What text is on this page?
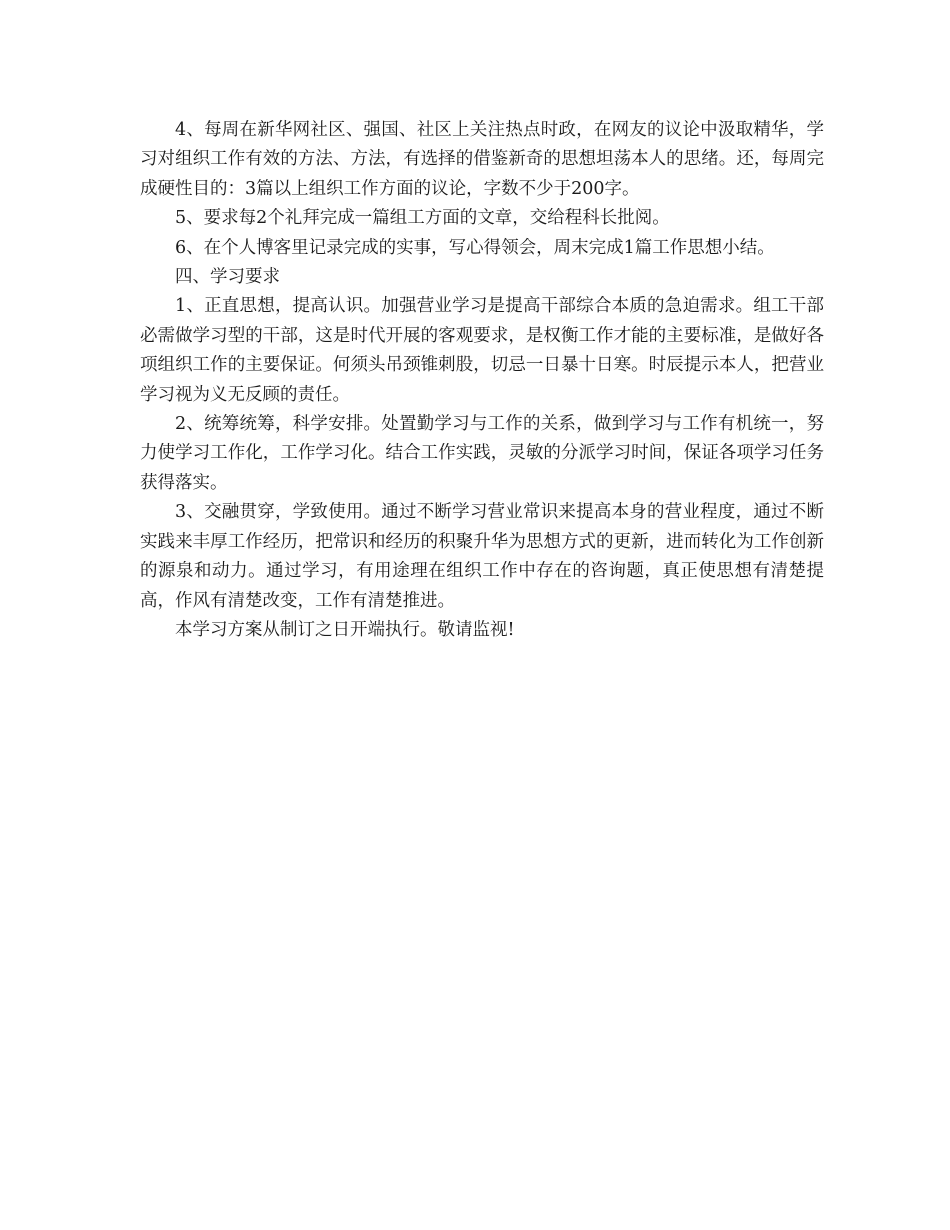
4、每周在新华网社区、强国、社区上关注热点时政，在网友的议论中汲取精华，学习对组织工作有效的方法、方法，有选择的借鉴新奇的思想坦荡本人的思绪。还，每周完成硬性目的：3篇以上组织工作方面的议论，字数不少于200字。

5、要求每2个礼拜完成一篇组工方面的文章，交给程科长批阅。

6、在个人博客里记录完成的实事，写心得领会，周末完成1篇工作思想小结。

四、学习要求

1、正直思想，提高认识。加强营业学习是提高干部综合本质的急迫需求。组工干部必需做学习型的干部，这是时代开展的客观要求，是权衡工作才能的主要标准，是做好各项组织工作的主要保证。何须头吊颈锥刺股，切忌一日暴十日寒。时辰提示本人，把营业学习视为义无反顾的责任。

2、统筹统筹，科学安排。处置勤学习与工作的关系，做到学习与工作有机统一，努力使学习工作化，工作学习化。结合工作实践，灵敏的分派学习时间，保证各项学习任务获得落实。

3、交融贯穿，学致使用。通过不断学习营业常识来提高本身的营业程度，通过不断实践来丰厚工作经历，把常识和经历的积聚升华为思想方式的更新，进而转化为工作创新的源泉和动力。通过学习，有用途理在组织工作中存在的咨询题，真正使思想有清楚提高，作风有清楚改变，工作有清楚推进。

本学习方案从制订之日开端执行。敬请监视!
